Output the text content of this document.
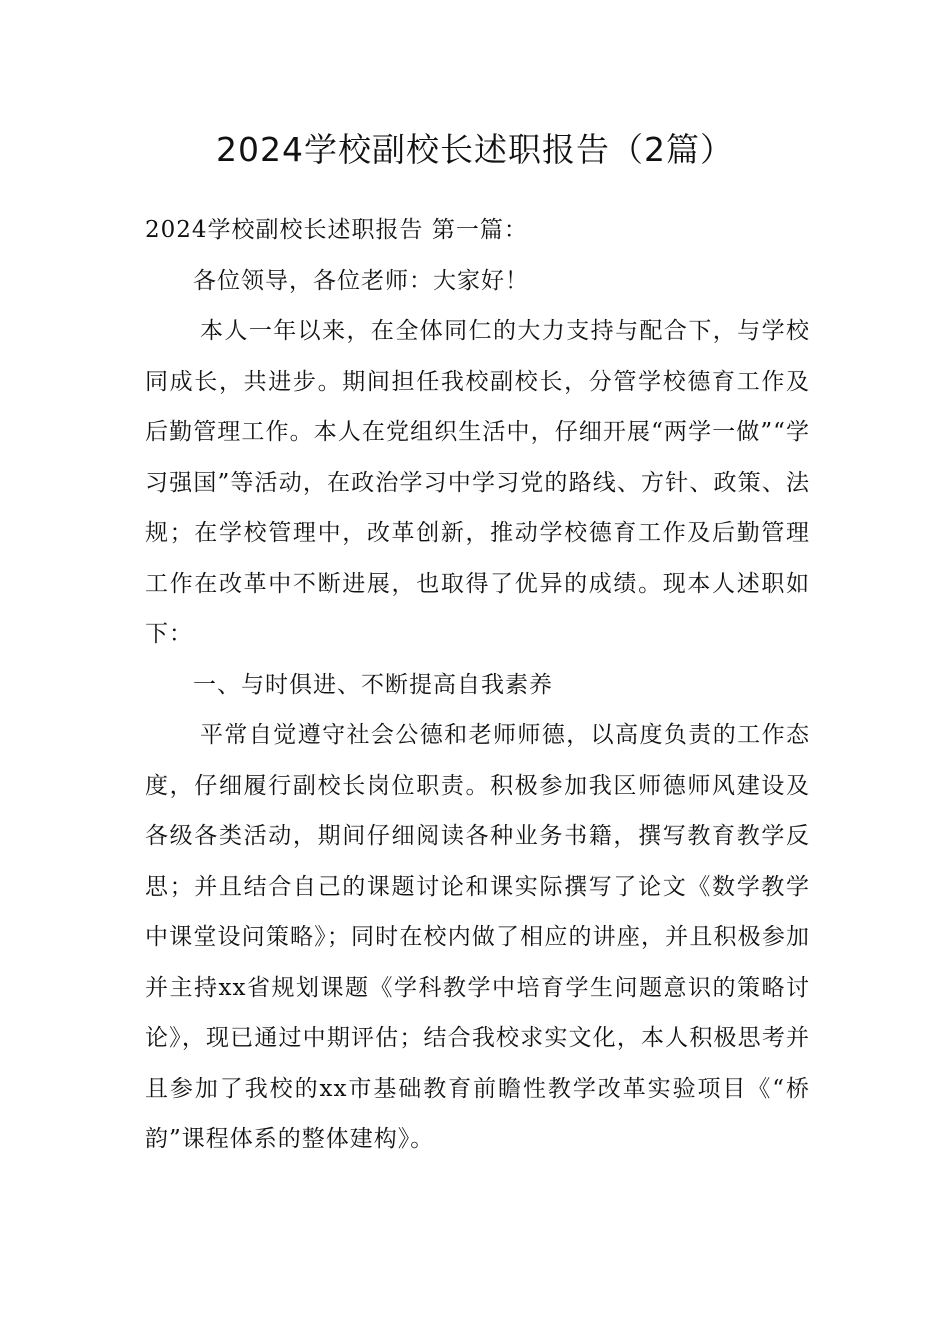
2024学校副校长述职报告（2篇）

2024学校副校长述职报告 第一篇：

各位领导，各位老师：大家好！

本人一年以来，在全体同仁的大力支持与配合下，与学校同成长，共进步。期间担任我校副校长，分管学校德育工作及后勤管理工作。本人在党组织生活中，仔细开展“两学一做”“学习强国”等活动，在政治学习中学习党的路线、方针、政策、法规；在学校管理中，改革创新，推动学校德育工作及后勤管理工作在改革中不断进展，也取得了优异的成绩。现本人述职如下：

一、与时俱进、不断提高自我素养

平常自觉遵守社会公德和老师师德，以高度负责的工作态度，仔细履行副校长岗位职责。积极参加我区师德师风建设及各级各类活动，期间仔细阅读各种业务书籍，撰写教育教学反思；并且结合自己的课题讨论和课实际撰写了论文《数学教学中课堂设问策略》；同时在校内做了相应的讲座，并且积极参加并主持xx省规划课题《学科教学中培育学生问题意识的策略讨论》，现已通过中期评估；结合我校求实文化，本人积极思考并且参加了我校的xx市基础教育前瞻性教学改革实验项目《“桥韵”课程体系的整体建构》。
